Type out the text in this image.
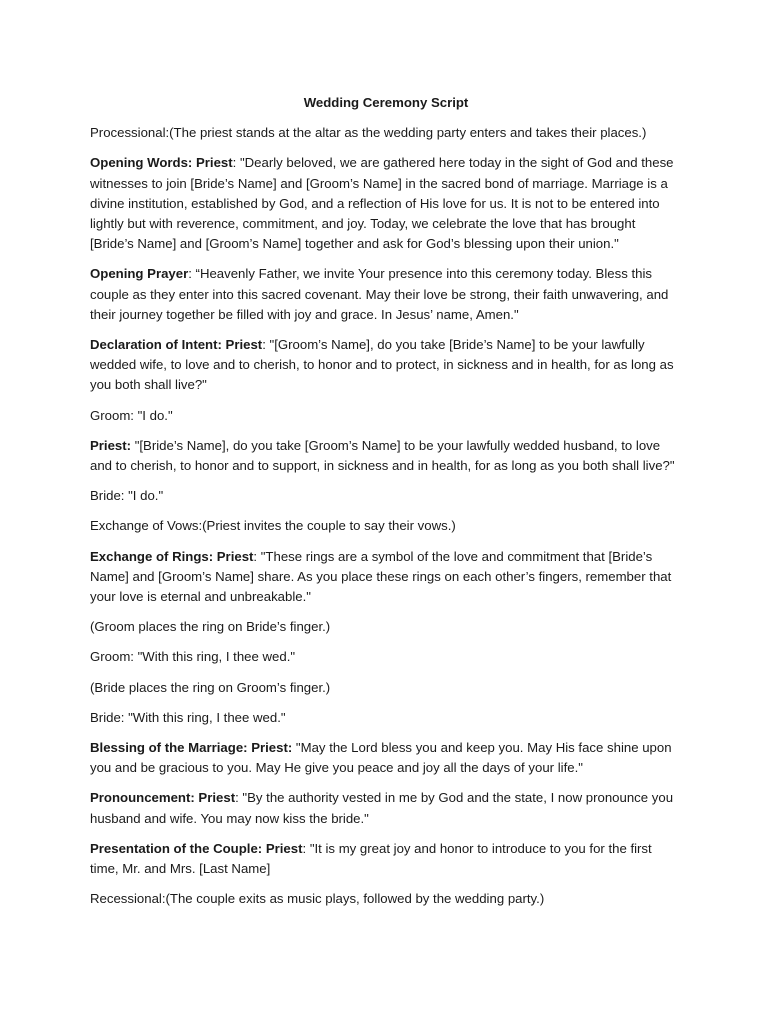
Wedding Ceremony Script

Processional:(The priest stands at the altar as the wedding party enters and takes their places.)

Opening Words: Priest: "Dearly beloved, we are gathered here today in the sight of God and these witnesses to join [Bride’s Name] and [Groom’s Name] in the sacred bond of marriage. Marriage is a divine institution, established by God, and a reflection of His love for us. It is not to be entered into lightly but with reverence, commitment, and joy. Today, we celebrate the love that has brought [Bride’s Name] and [Groom’s Name] together and ask for God’s blessing upon their union."

Opening Prayer: “Heavenly Father, we invite Your presence into this ceremony today. Bless this couple as they enter into this sacred covenant. May their love be strong, their faith unwavering, and their journey together be filled with joy and grace. In Jesus’ name, Amen."

Declaration of Intent: Priest: "[Groom’s Name], do you take [Bride’s Name] to be your lawfully wedded wife, to love and to cherish, to honor and to protect, in sickness and in health, for as long as you both shall live?"

Groom: "I do."

Priest: "[Bride’s Name], do you take [Groom’s Name] to be your lawfully wedded husband, to love and to cherish, to honor and to support, in sickness and in health, for as long as you both shall live?"

Bride: "I do."

Exchange of Vows:(Priest invites the couple to say their vows.)

Exchange of Rings: Priest: "These rings are a symbol of the love and commitment that [Bride’s Name] and [Groom’s Name] share. As you place these rings on each other’s fingers, remember that your love is eternal and unbreakable."

(Groom places the ring on Bride’s finger.)

Groom: "With this ring, I thee wed."

(Bride places the ring on Groom’s finger.)

Bride: "With this ring, I thee wed."

Blessing of the Marriage: Priest: "May the Lord bless you and keep you. May His face shine upon you and be gracious to you. May He give you peace and joy all the days of your life."

Pronouncement: Priest: "By the authority vested in me by God and the state, I now pronounce you husband and wife. You may now kiss the bride."

Presentation of the Couple: Priest: "It is my great joy and honor to introduce to you for the first time, Mr. and Mrs. [Last Name]

Recessional:(The couple exits as music plays, followed by the wedding party.)
